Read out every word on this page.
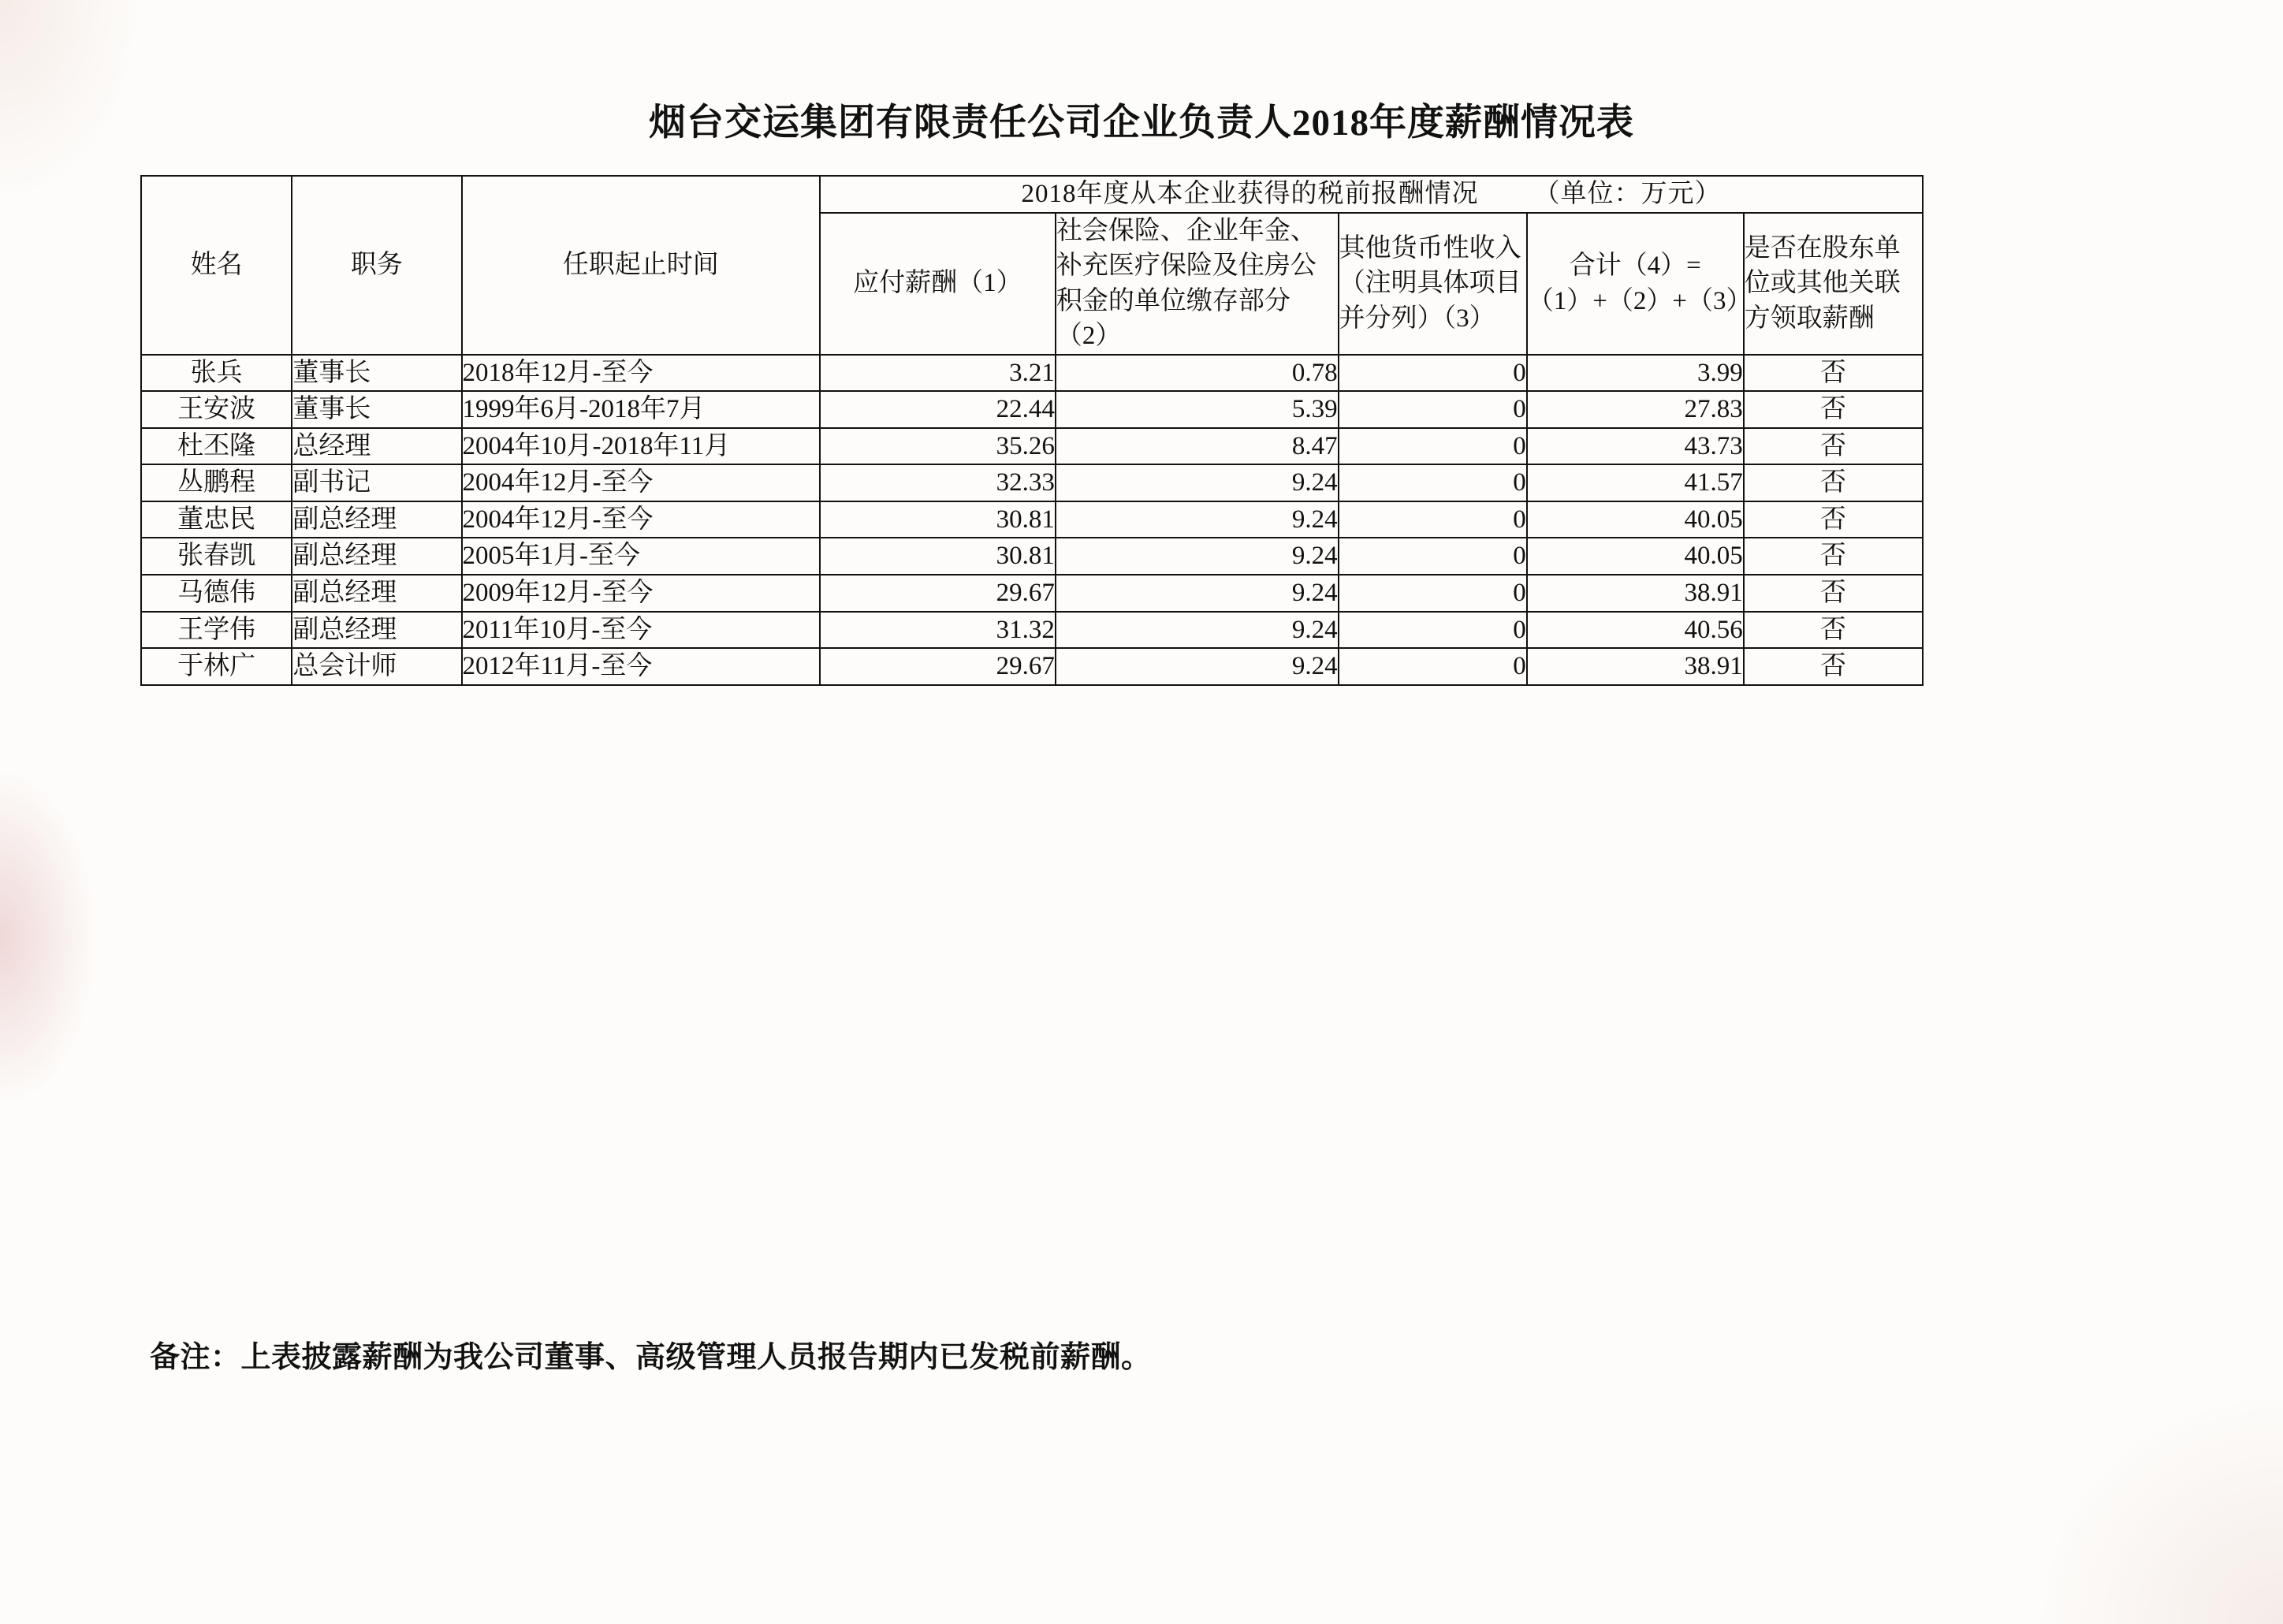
烟台交运集团有限责任公司企业负责人2018年度薪酬情况表
姓名	职务	任职起止时间	2018年度从本企业获得的税前报酬情况 （单位：万元）				
			应付薪酬（1）	社会保险、企业年金、补充医疗保险及住房公积金的单位缴存部分（2）	其他货币性收入（注明具体项目并分列）（3）	合计（4）=（1）+（2）+（3）	是否在股东单位或其他关联方领取薪酬
张兵	董事长	2018年12月-至今	3.21	0.78	0	3.99	否
王安波	董事长	1999年6月-2018年7月	22.44	5.39	0	27.83	否
杜丕隆	总经理	2004年10月-2018年11月	35.26	8.47	0	43.73	否
丛鹏程	副书记	2004年12月-至今	32.33	9.24	0	41.57	否
董忠民	副总经理	2004年12月-至今	30.81	9.24	0	40.05	否
张春凯	副总经理	2005年1月-至今	30.81	9.24	0	40.05	否
马德伟	副总经理	2009年12月-至今	29.67	9.24	0	38.91	否
王学伟	副总经理	2011年10月-至今	31.32	9.24	0	40.56	否
于林广	总会计师	2012年11月-至今	29.67	9.24	0	38.91	否
备注：上表披露薪酬为我公司董事、高级管理人员报告期内已发税前薪酬。
